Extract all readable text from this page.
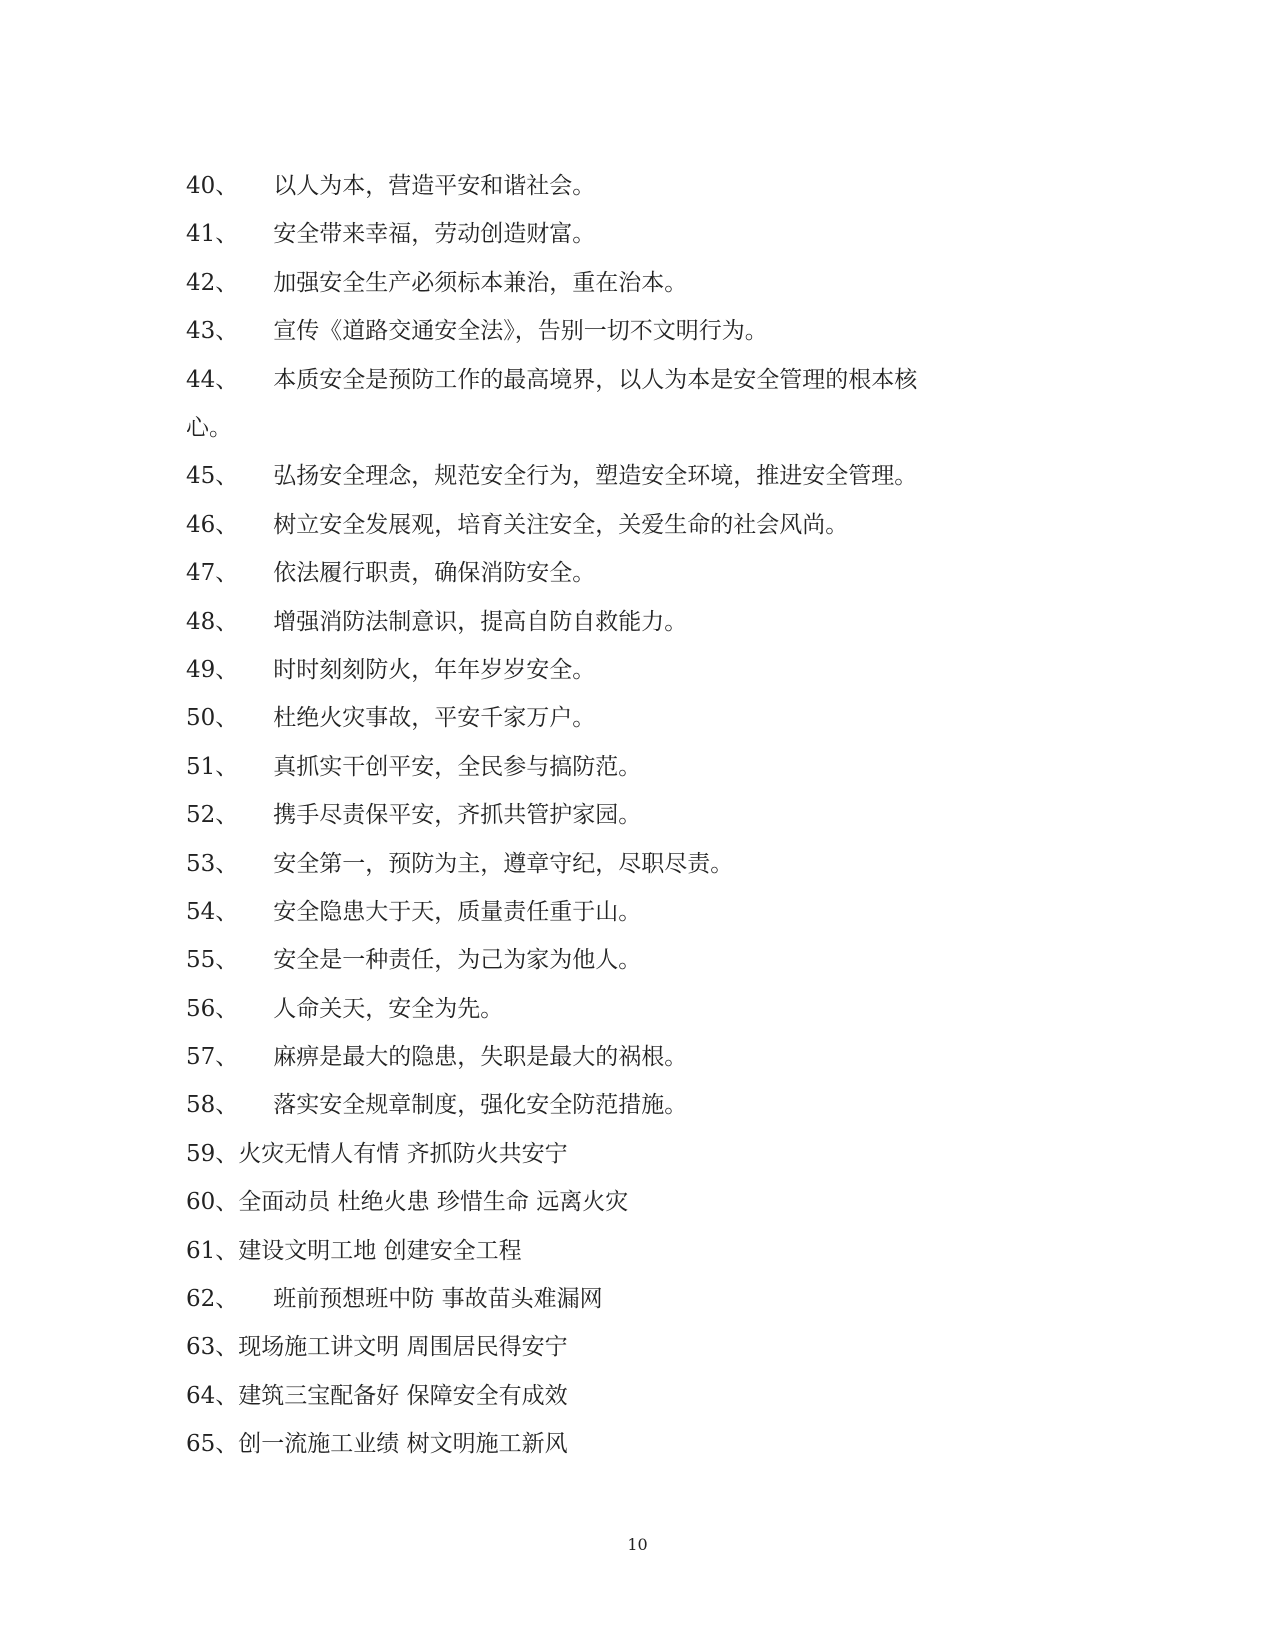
40、 以人为本，营造平安和谐社会。
41、 安全带来幸福，劳动创造财富。
42、 加强安全生产必须标本兼治，重在治本。
43、 宣传《道路交通安全法》，告别一切不文明行为。
44、 本质安全是预防工作的最高境界，以人为本是安全管理的根本核
心。
45、 弘扬安全理念，规范安全行为，塑造安全环境，推进安全管理。
46、 树立安全发展观，培育关注安全，关爱生命的社会风尚。
47、 依法履行职责，确保消防安全。
48、 增强消防法制意识，提高自防自救能力。
49、 时时刻刻防火，年年岁岁安全。
50、 杜绝火灾事故，平安千家万户。
51、 真抓实干创平安，全民参与搞防范。
52、 携手尽责保平安，齐抓共管护家园。
53、 安全第一，预防为主，遵章守纪，尽职尽责。
54、 安全隐患大于天，质量责任重于山。
55、 安全是一种责任，为己为家为他人。
56、 人命关天，安全为先。
57、 麻痹是最大的隐患，失职是最大的祸根。
58、 落实安全规章制度，强化安全防范措施。
59、火灾无情人有情 齐抓防火共安宁
60、全面动员 杜绝火患 珍惜生命 远离火灾
61、建设文明工地 创建安全工程
62、 班前预想班中防 事故苗头难漏网
63、现场施工讲文明 周围居民得安宁
64、建筑三宝配备好 保障安全有成效
65、创一流施工业绩 树文明施工新风
10
